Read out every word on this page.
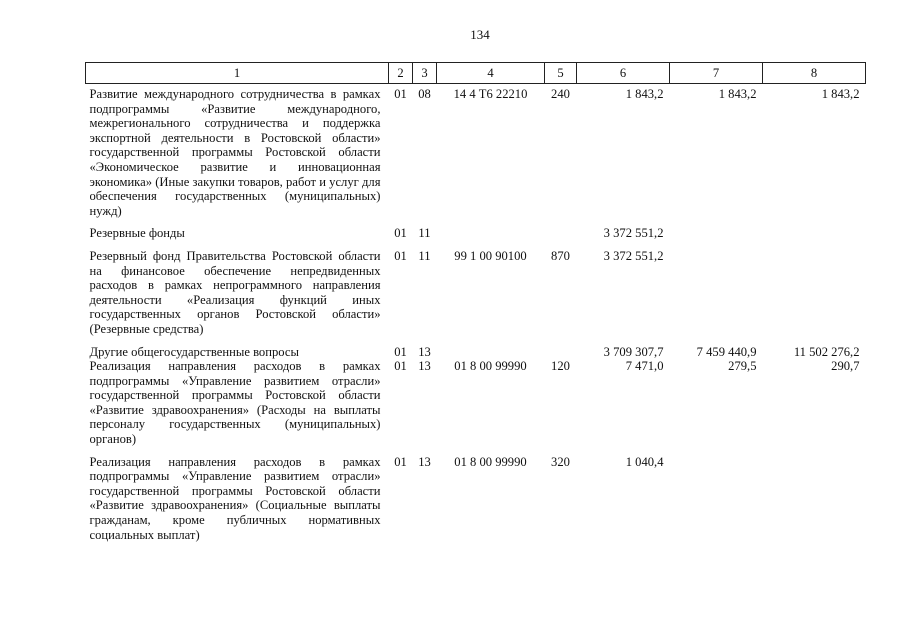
134
1	2	3	4	5	6	7	8
Развитие международного сотрудничества в рамках подпрограммы «Развитие международного, межрегионального сотрудничества и поддержка экспортной деятельности в Ростовской области» государственной программы Ростовской области «Экономическое развитие и инновационная экономика» (Иные закупки товаров, работ и услуг для обеспечения государственных (муниципальных) нужд)	01	08	14 4 Т6 22210	240	1 843,2	1 843,2	1 843,2
Резервные фонды	01	11			3 372 551,2		
Резервный фонд Правительства Ростовской области на финансовое обеспечение непредвиденных расходов в рамках непрограммного направления деятельности «Реализация функций иных государственных органов Ростовской области» (Резервные средства)	01	11	99 1 00 90100	870	3 372 551,2		
Другие общегосударственные вопросы	01	13			3 709 307,7	7 459 440,9	11 502 276,2
Реализация направления расходов в рамках подпрограммы «Управление развитием отрасли» государственной программы Ростовской области «Развитие здравоохранения» (Расходы на выплаты персоналу государственных (муниципальных) органов)	01	13	01 8 00 99990	120	7 471,0	279,5	290,7
Реализация направления расходов в рамках подпрограммы «Управление развитием отрасли» государственной программы Ростовской области «Развитие здравоохранения» (Социальные выплаты гражданам, кроме публичных нормативных социальных выплат)	01	13	01 8 00 99990	320	1 040,4		
